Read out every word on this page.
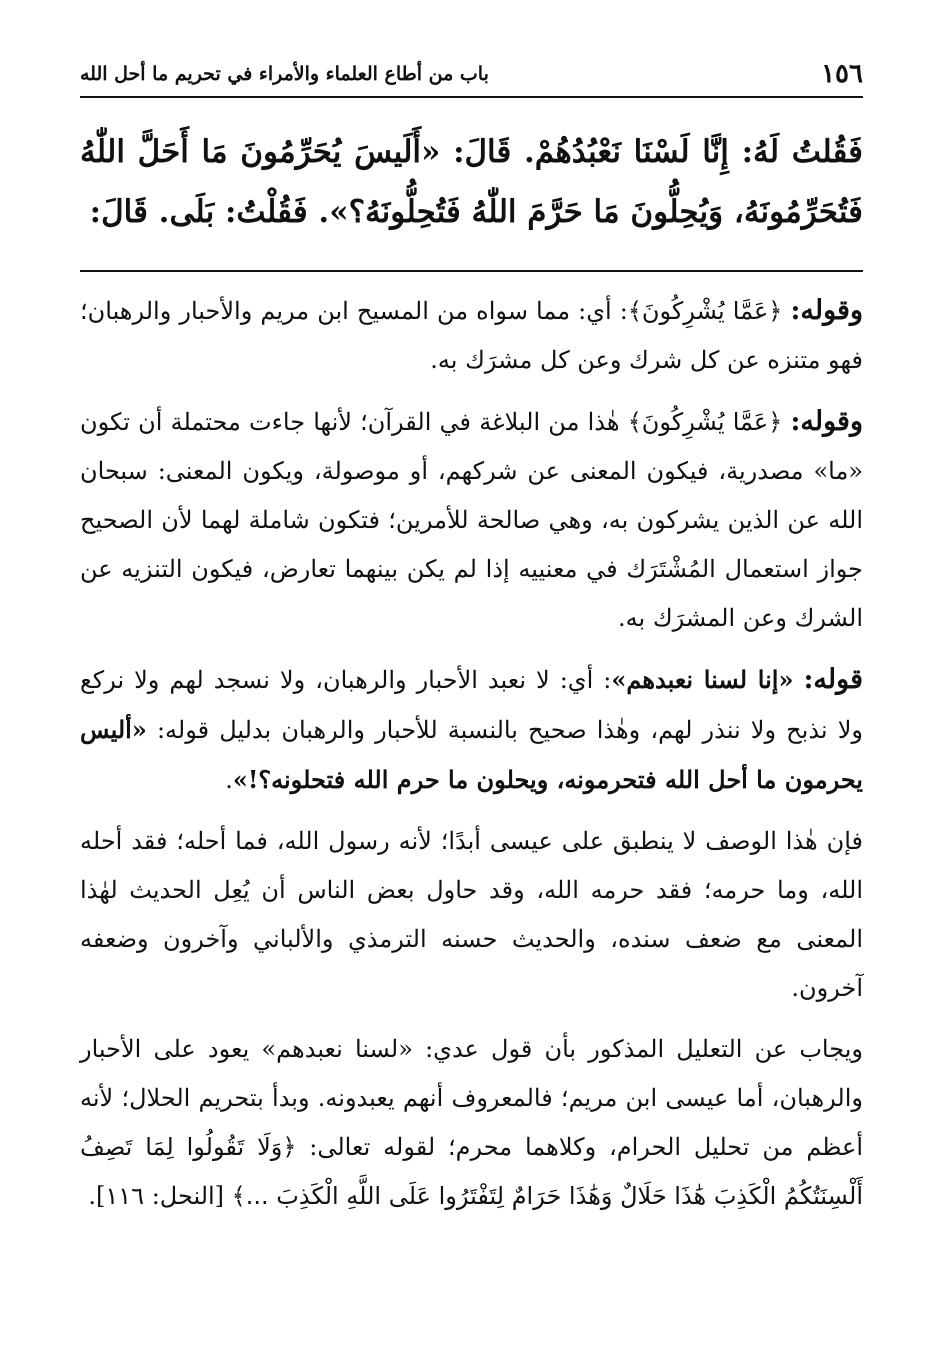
١٥٦
باب من أطاع العلماء والأمراء في تحريم ما أحل الله
فَقُلتُ لَهُ: إِنَّا لَسْنَا نَعْبُدُهُمْ. قَالَ: «أَلَيسَ يُحَرِّمُونَ مَا أَحَلَّ اللّٰهُ فَتُحَرِّمُونَهُ، وَيُحِلُّونَ مَا حَرَّمَ اللّٰهُ فَتُحِلُّونَهُ؟». فَقُلْتُ: بَلَى. قَالَ:

وقوله: ﴿عَمَّا يُشْرِكُونَ﴾: أي: مما سواه من المسيح ابن مريم والأحبار والرهبان؛ فهو متنزه عن كل شرك وعن كل مشرَك به.

وقوله: ﴿عَمَّا يُشْرِكُونَ﴾ هٰذا من البلاغة في القرآن؛ لأنها جاءت محتملة أن تكون «ما» مصدرية، فيكون المعنى عن شركهم، أو موصولة، ويكون المعنى: سبحان الله عن الذين يشركون به، وهي صالحة للأمرين؛ فتكون شاملة لهما لأن الصحيح جواز استعمال المُشْتَرَك في معنييه إذا لم يكن بينهما تعارض، فيكون التنزيه عن الشرك وعن المشرَك به.

قوله: «إنا لسنا نعبدهم»: أي: لا نعبد الأحبار والرهبان، ولا نسجد لهم ولا نركع ولا نذبح ولا ننذر لهم، وهٰذا صحيح بالنسبة للأحبار والرهبان بدليل قوله: «أليس يحرمون ما أحل الله فتحرمونه، ويحلون ما حرم الله فتحلونه؟!».

فإن هٰذا الوصف لا ينطبق على عيسى أبدًا؛ لأنه رسول الله، فما أحله؛ فقد أحله الله، وما حرمه؛ فقد حرمه الله، وقد حاول بعض الناس أن يُعِل الحديث لهٰذا المعنى مع ضعف سنده، والحديث حسنه الترمذي والألباني وآخرون وضعفه آخرون.

ويجاب عن التعليل المذكور بأن قول عدي: «لسنا نعبدهم» يعود على الأحبار والرهبان، أما عيسى ابن مريم؛ فالمعروف أنهم يعبدونه. وبدأ بتحريم الحلال؛ لأنه أعظم من تحليل الحرام، وكلاهما محرم؛ لقوله تعالى: ﴿وَلَا تَقُولُوا لِمَا تَصِفُ أَلْسِنَتُكُمُ الْكَذِبَ هَٰذَا حَلَالٌ وَهَٰذَا حَرَامٌ لِتَفْتَرُوا عَلَى اللَّهِ الْكَذِبَ ...﴾ [النحل: ١١٦].
